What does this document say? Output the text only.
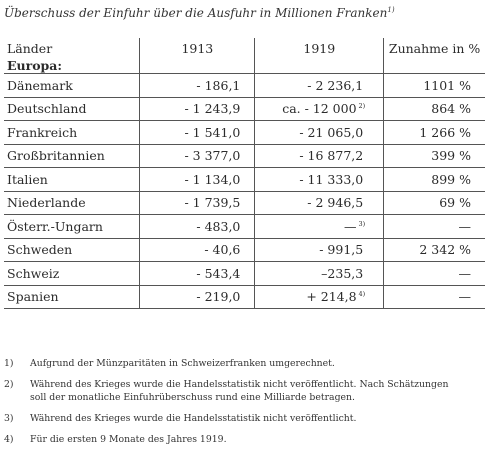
Überschuss der Einfuhr über die Ausfuhr in Millionen Franken$^{1)}$
Länder	1913	1919	Zunahme in %
Europa:			
Dänemark	- 186,1	- 2 236,1	1101 %
Deutschland	- 1 243,9	ca. - 12 000 $^{2)}$	864 %
Frankreich	- 1 541,0	- 21 065,0	1 266 %
Großbritannien	- 3 377,0	- 16 877,2	399 %
Italien	- 1 134,0	- 11 333,0	899 %
Niederlande	- 1 739,5	- 2 946,5	69 %
Österr.-Ungarn	- 483,0	— $^{3)}$	—
Schweden	- 40,6	- 991,5	2 342 %
Schweiz	- 543,4	–235,3	—
Spanien	- 219,0	+ 214,8 $^{4)}$	—
1)	Aufgrund der Münzparitäten in Schweizerfranken umgerechnet.
2)	Während des Krieges wurde die Handelsstatistik nicht veröffentlicht. Nach Schätzungen
soll der monatliche Einfuhrüberschuss rund eine Milliarde betragen.
3)	Während des Krieges wurde die Handelsstatistik nicht veröffentlicht.
4)	Für die ersten 9 Monate des Jahres 1919.
